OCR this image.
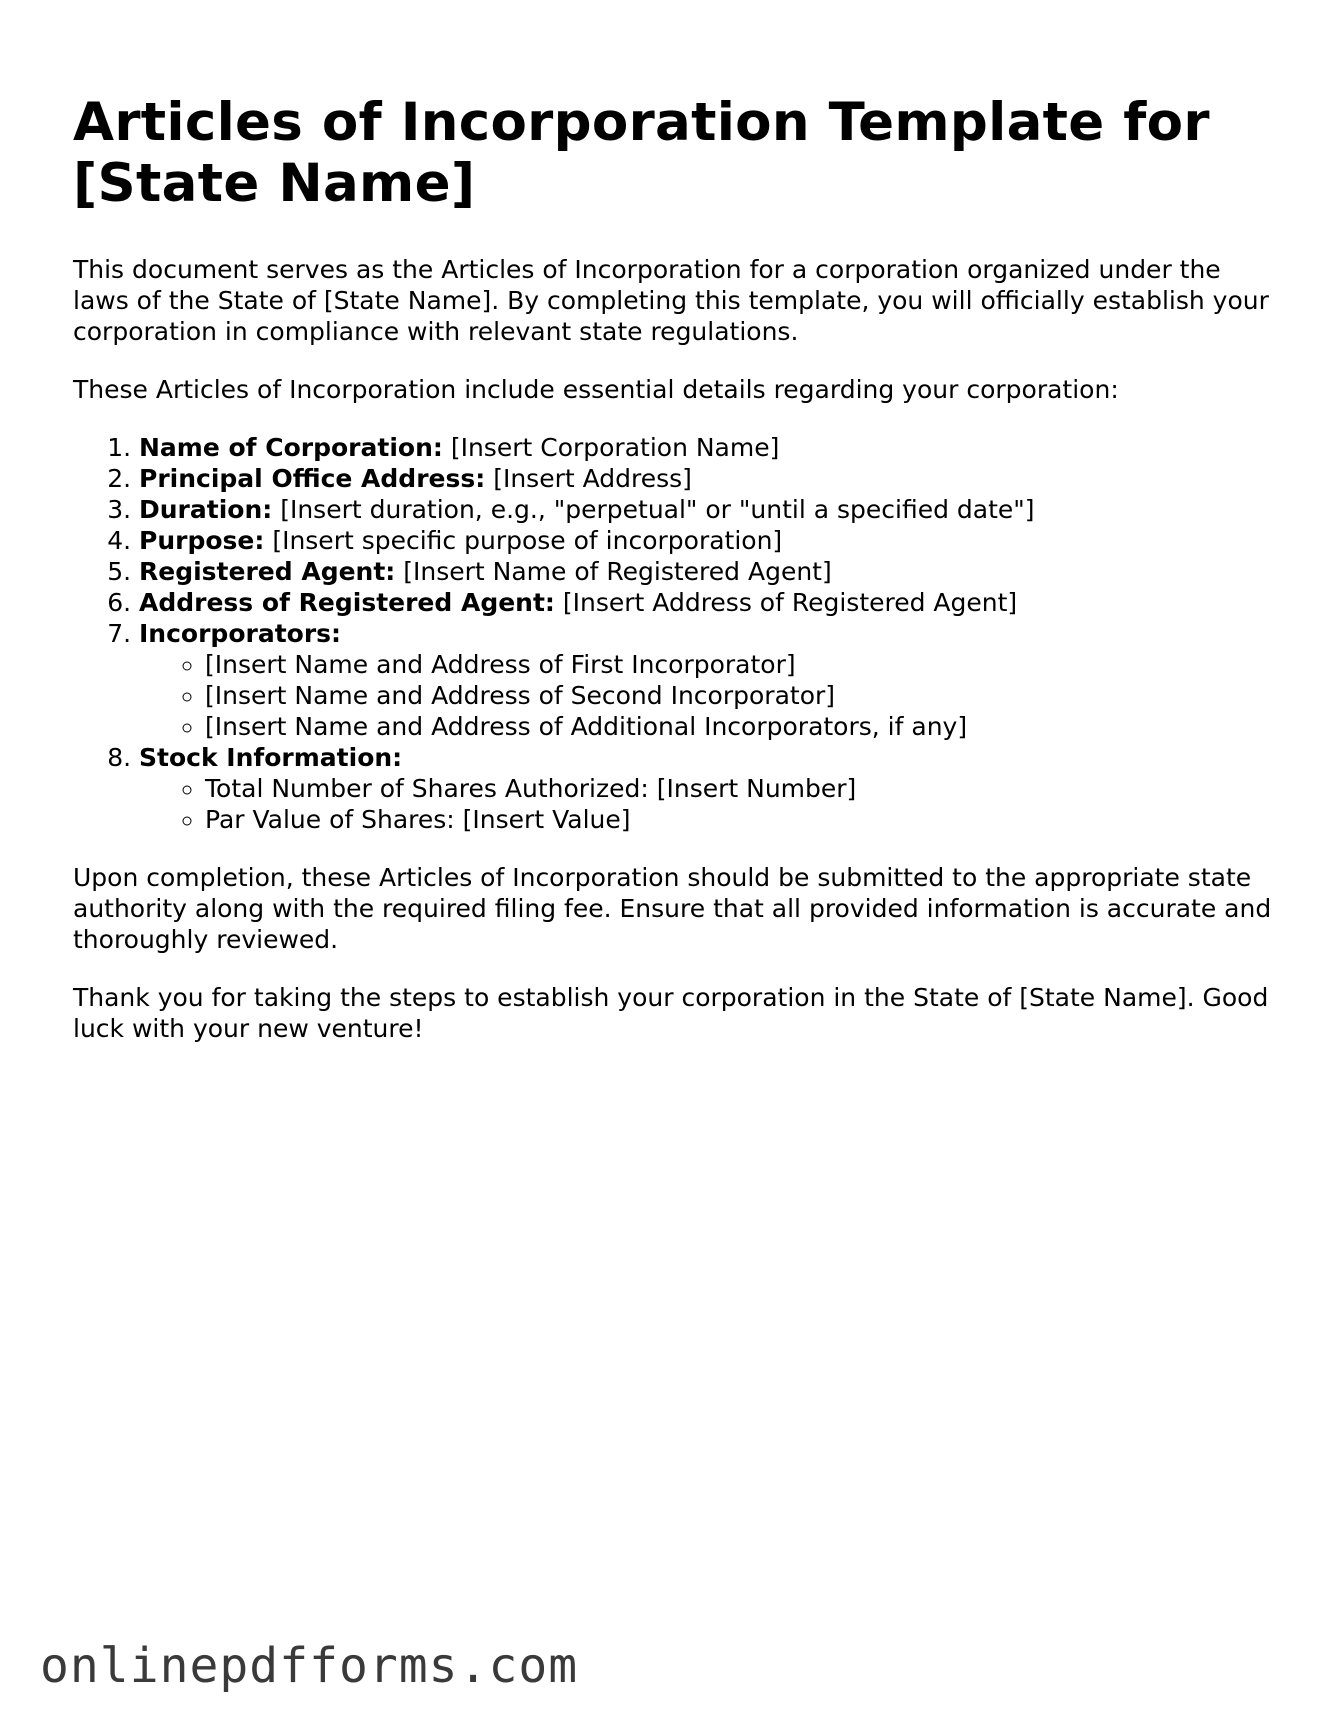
Articles of Incorporation Template for [State Name]

This document serves as the Articles of Incorporation for a corporation organized under the laws of the State of [State Name]. By completing this template, you will officially establish your corporation in compliance with relevant state regulations.

These Articles of Incorporation include essential details regarding your corporation:

1. Name of Corporation: [Insert Corporation Name]
2. Principal Office Address: [Insert Address]
3. Duration: [Insert duration, e.g., "perpetual" or "until a specified date"]
4. Purpose: [Insert specific purpose of incorporation]
5. Registered Agent: [Insert Name of Registered Agent]
6. Address of Registered Agent: [Insert Address of Registered Agent]
7. Incorporators:
◦ [Insert Name and Address of First Incorporator]
◦ [Insert Name and Address of Second Incorporator]
◦ [Insert Name and Address of Additional Incorporators, if any]
8. Stock Information:
◦ Total Number of Shares Authorized: [Insert Number]
◦ Par Value of Shares: [Insert Value]

Upon completion, these Articles of Incorporation should be submitted to the appropriate state authority along with the required filing fee. Ensure that all provided information is accurate and thoroughly reviewed.

Thank you for taking the steps to establish your corporation in the State of [State Name]. Good luck with your new venture!

onlinepdfforms.com
